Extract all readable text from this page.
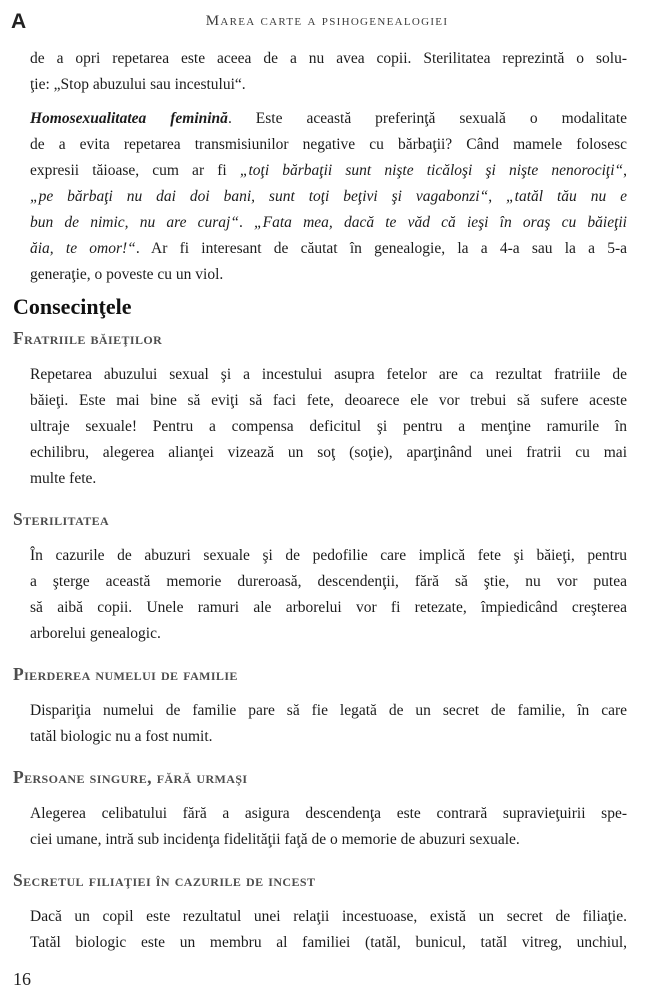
A	Marea carte a psihogenealogiei
de a opri repetarea este aceea de a nu avea copii. Sterilitatea reprezintă o solu-
ţie: „Stop abuzului sau incestului“.
Homosexualitatea feminină. Este această preferinţă sexuală o modalitate
de a evita repetarea transmisiunilor negative cu bărbaţii? Când mamele folosesc
expresii tăioase, cum ar fi „toţi bărbaţii sunt nişte ticăloşi şi nişte nenorociţi“,
„pe bărbaţi nu dai doi bani, sunt toţi beţivi şi vagabonzi“, „tatăl tău nu e
bun de nimic, nu are curaj“. „Fata mea, dacă te văd că ieşi în oraş cu băieţii
ăia, te omor!“. Ar fi interesant de căutat în genealogie, la a 4-a sau la a 5-a
generaţie, o poveste cu un viol.
Consecinţele
Fratriile băieţilor
Repetarea abuzului sexual şi a incestului asupra fetelor are ca rezultat fratriile de
băieţi. Este mai bine să eviţi să faci fete, deoarece ele vor trebui să sufere aceste
ultraje sexuale! Pentru a compensa deficitul şi pentru a menţine ramurile în
echilibru, alegerea alianţei vizează un soţ (soţie), aparţinând unei fratrii cu mai
multe fete.
Sterilitatea
În cazurile de abuzuri sexuale şi de pedofilie care implică fete şi băieţi, pentru
a şterge această memorie dureroasă, descendenţii, fără să ştie, nu vor putea
să aibă copii. Unele ramuri ale arborelui vor fi retezate, împiedicând creşterea
arborelui genealogic.
Pierderea numelui de familie
Dispariţia numelui de familie pare să fie legată de un secret de familie, în care
tatăl biologic nu a fost numit.
Persoane singure, fără urmaşi
Alegerea celibatului fără a asigura descendenţa este contrară supravieţuirii spe-
ciei umane, intră sub incidenţa fidelităţii faţă de o memorie de abuzuri sexuale.
Secretul filiaţiei în cazurile de incest
Dacă un copil este rezultatul unei relaţii incestuoase, există un secret de filiaţie.
Tatăl biologic este un membru al familiei (tatăl, bunicul, tatăl vitreg, unchiul,
16
